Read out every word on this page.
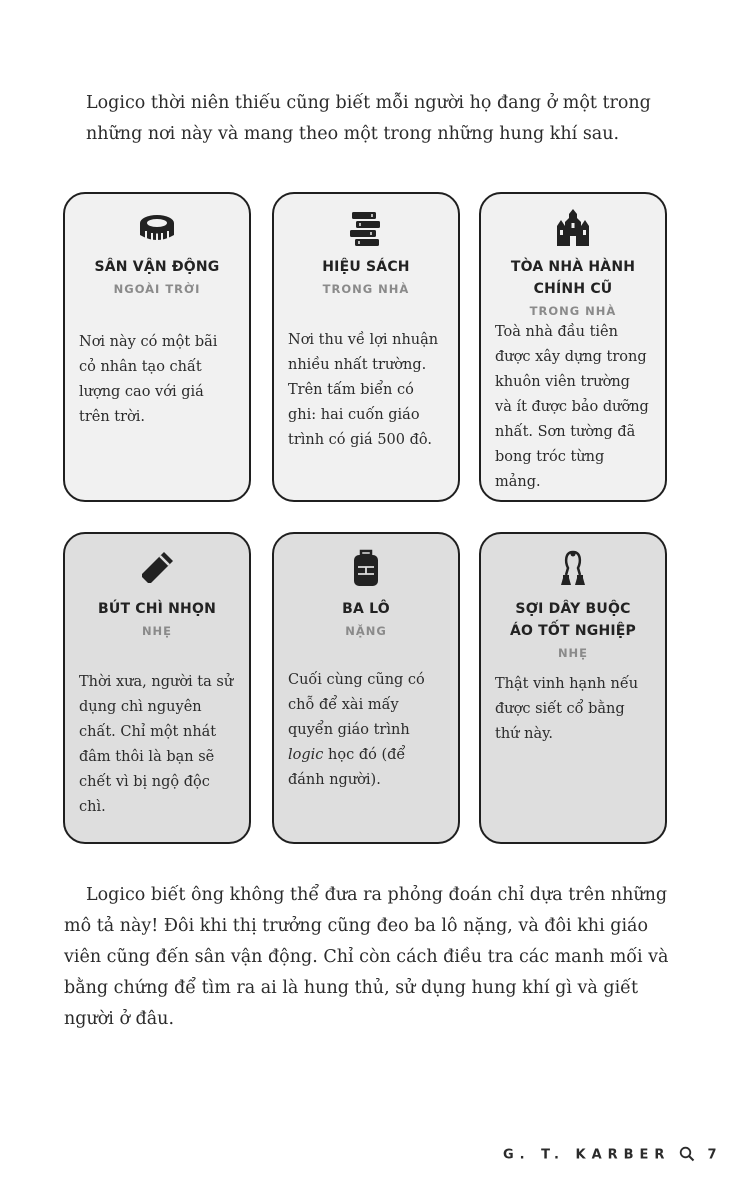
Logico thời niên thiếu cũng biết mỗi người họ đang ở một trong những nơi này và mang theo một trong những hung khí sau.

SÂN VẬN ĐỘNG
NGOÀI TRỜI

Nơi này có một bãi cỏ nhân tạo chất lượng cao với giá trên trời.

HIỆU SÁCH
TRONG NHÀ

Nơi thu về lợi nhuận nhiều nhất trường. Trên tấm biển có ghi: hai cuốn giáo trình có giá 500 đô.

TÒA NHÀ HÀNH CHÍNH CŨ
TRONG NHÀ

Toà nhà đầu tiên được xây dựng trong khuôn viên trường và ít được bảo dưỡng nhất. Sơn tường đã bong tróc từng mảng.

BÚT CHÌ NHỌN
NHẸ

Thời xưa, người ta sử dụng chì nguyên chất. Chỉ một nhát đâm thôi là bạn sẽ chết vì bị ngộ độc chì.

BA LÔ
NẶNG

Cuối cùng cũng có chỗ để xài mấy quyển giáo trình logic học đó (để đánh người).

SỢI DÂY BUỘC ÁO TỐT NGHIỆP
NHẸ

Thật vinh hạnh nếu được siết cổ bằng thứ này.

Logico biết ông không thể đưa ra phỏng đoán chỉ dựa trên những mô tả này! Đôi khi thị trưởng cũng đeo ba lô nặng, và đôi khi giáo viên cũng đến sân vận động. Chỉ còn cách điều tra các manh mối và bằng chứng để tìm ra ai là hung thủ, sử dụng hung khí gì và giết người ở đâu.

G. T. KARBER	7
